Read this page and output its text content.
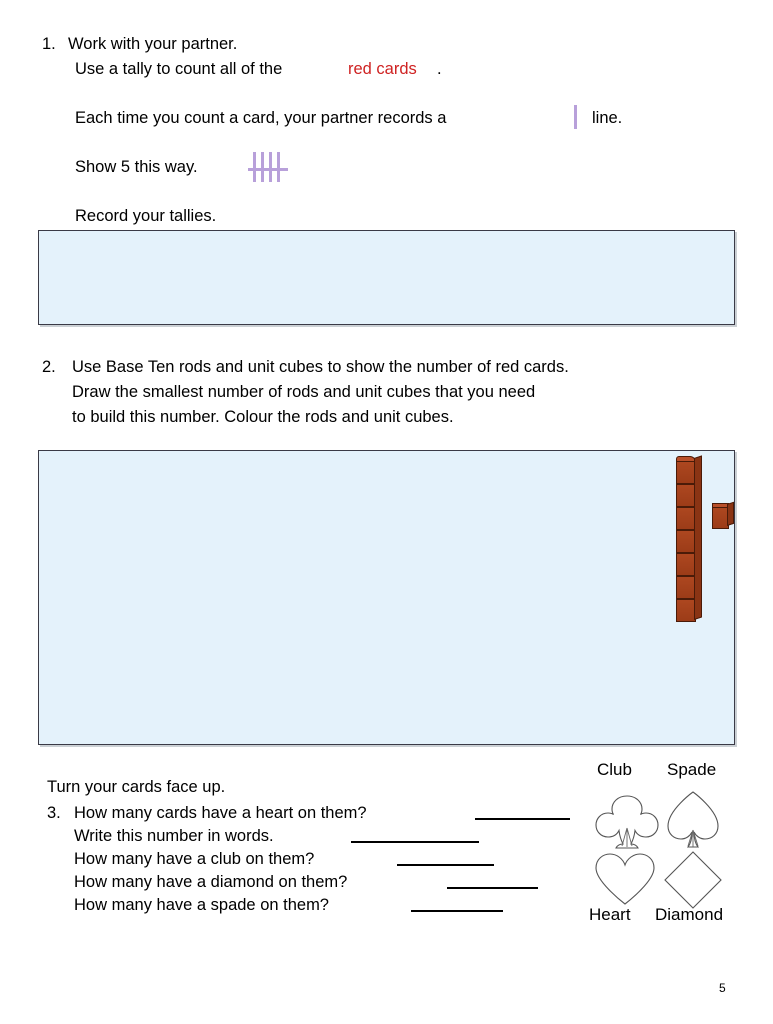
1. Work with your partner.
Use a tally to count all of the	red cards .
Each time you count a card, your partner records a	line.
Show 5 this way.
Record your tallies.
2. Use Base Ten rods and unit cubes to show the number of red cards.
Draw the smallest number of rods and unit cubes that you need
to build this number. Colour the rods and unit cubes.
Club Spade
Heart Diamond
Turn your cards face up.
3. How many cards have a heart on them?
Write this number in words.
How many have a club on them?
How many have a diamond on them?
How many have a spade on them?
5
